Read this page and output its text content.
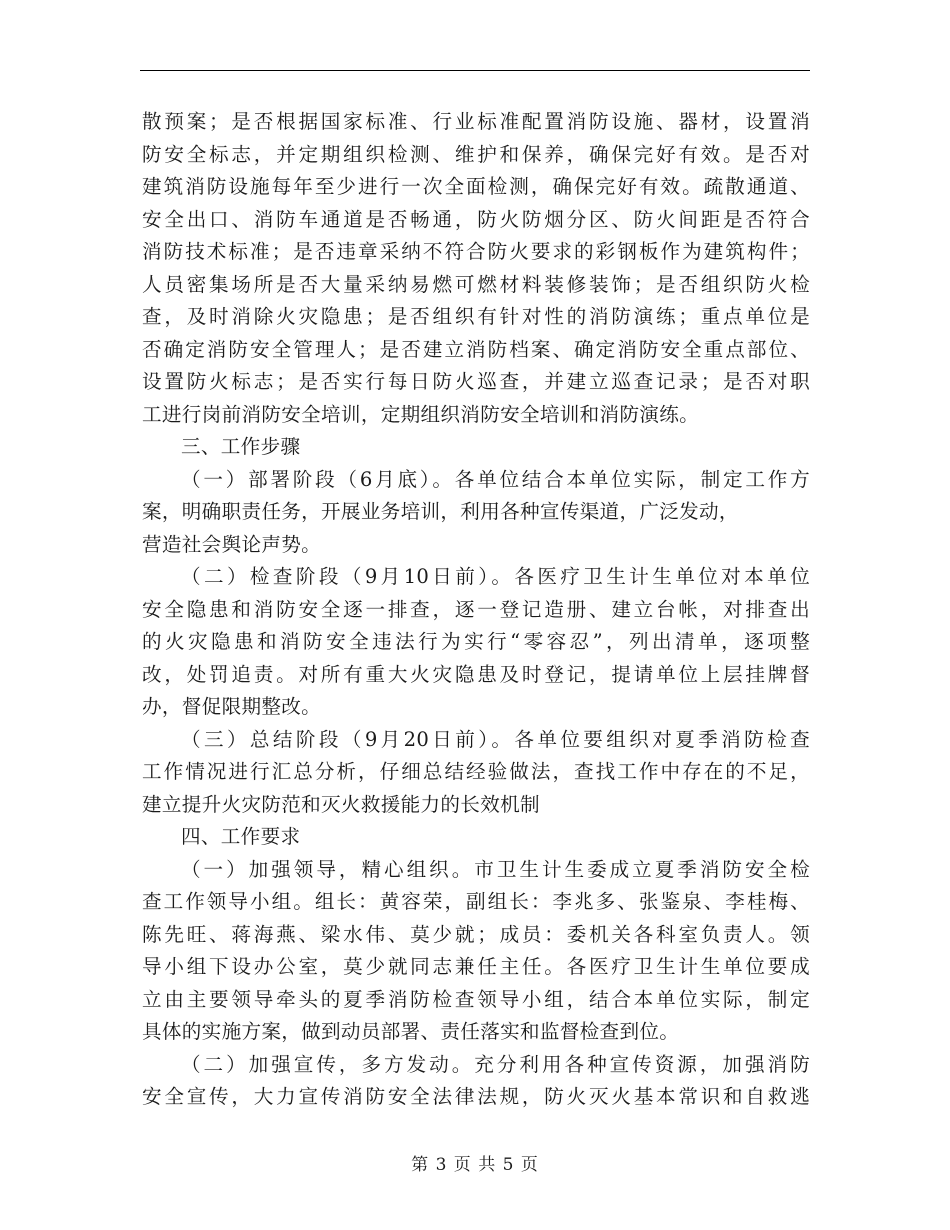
散预案；是否根据国家标准、行业标准配置消防设施、器材，设置消
防安全标志，并定期组织检测、维护和保养，确保完好有效。是否对
建筑消防设施每年至少进行一次全面检测，确保完好有效。疏散通道、
安全出口、消防车通道是否畅通，防火防烟分区、防火间距是否符合
消防技术标准；是否违章采纳不符合防火要求的彩钢板作为建筑构件；
人员密集场所是否大量采纳易燃可燃材料装修装饰；是否组织防火检
查，及时消除火灾隐患；是否组织有针对性的消防演练；重点单位是
否确定消防安全管理人；是否建立消防档案、确定消防安全重点部位、
设置防火标志；是否实行每日防火巡查，并建立巡查记录；是否对职
工进行岗前消防安全培训，定期组织消防安全培训和消防演练。
三、工作步骤
（一）部署阶段（6月底）。各单位结合本单位实际，制定工作方
案，明确职责任务，开展业务培训，利用各种宣传渠道，广泛发动，
营造社会舆论声势。
（二）检查阶段（9月10日前）。各医疗卫生计生单位对本单位
安全隐患和消防安全逐一排查，逐一登记造册、建立台帐，对排查出
的火灾隐患和消防安全违法行为实行“零容忍”，列出清单，逐项整
改，处罚追责。对所有重大火灾隐患及时登记，提请单位上层挂牌督
办，督促限期整改。
（三）总结阶段（9月20日前）。各单位要组织对夏季消防检查
工作情况进行汇总分析，仔细总结经验做法，查找工作中存在的不足，
建立提升火灾防范和灭火救援能力的长效机制
四、工作要求
（一）加强领导，精心组织。市卫生计生委成立夏季消防安全检
查工作领导小组。组长：黄容荣，副组长：李兆多、张鉴泉、李桂梅、
陈先旺、蒋海燕、梁水伟、莫少就；成员：委机关各科室负责人。领
导小组下设办公室，莫少就同志兼任主任。各医疗卫生计生单位要成
立由主要领导牵头的夏季消防检查领导小组，结合本单位实际，制定
具体的实施方案，做到动员部署、责任落实和监督检查到位。
（二）加强宣传，多方发动。充分利用各种宣传资源，加强消防
安全宣传，大力宣传消防安全法律法规，防火灭火基本常识和自救逃
第 3 页 共 5 页
